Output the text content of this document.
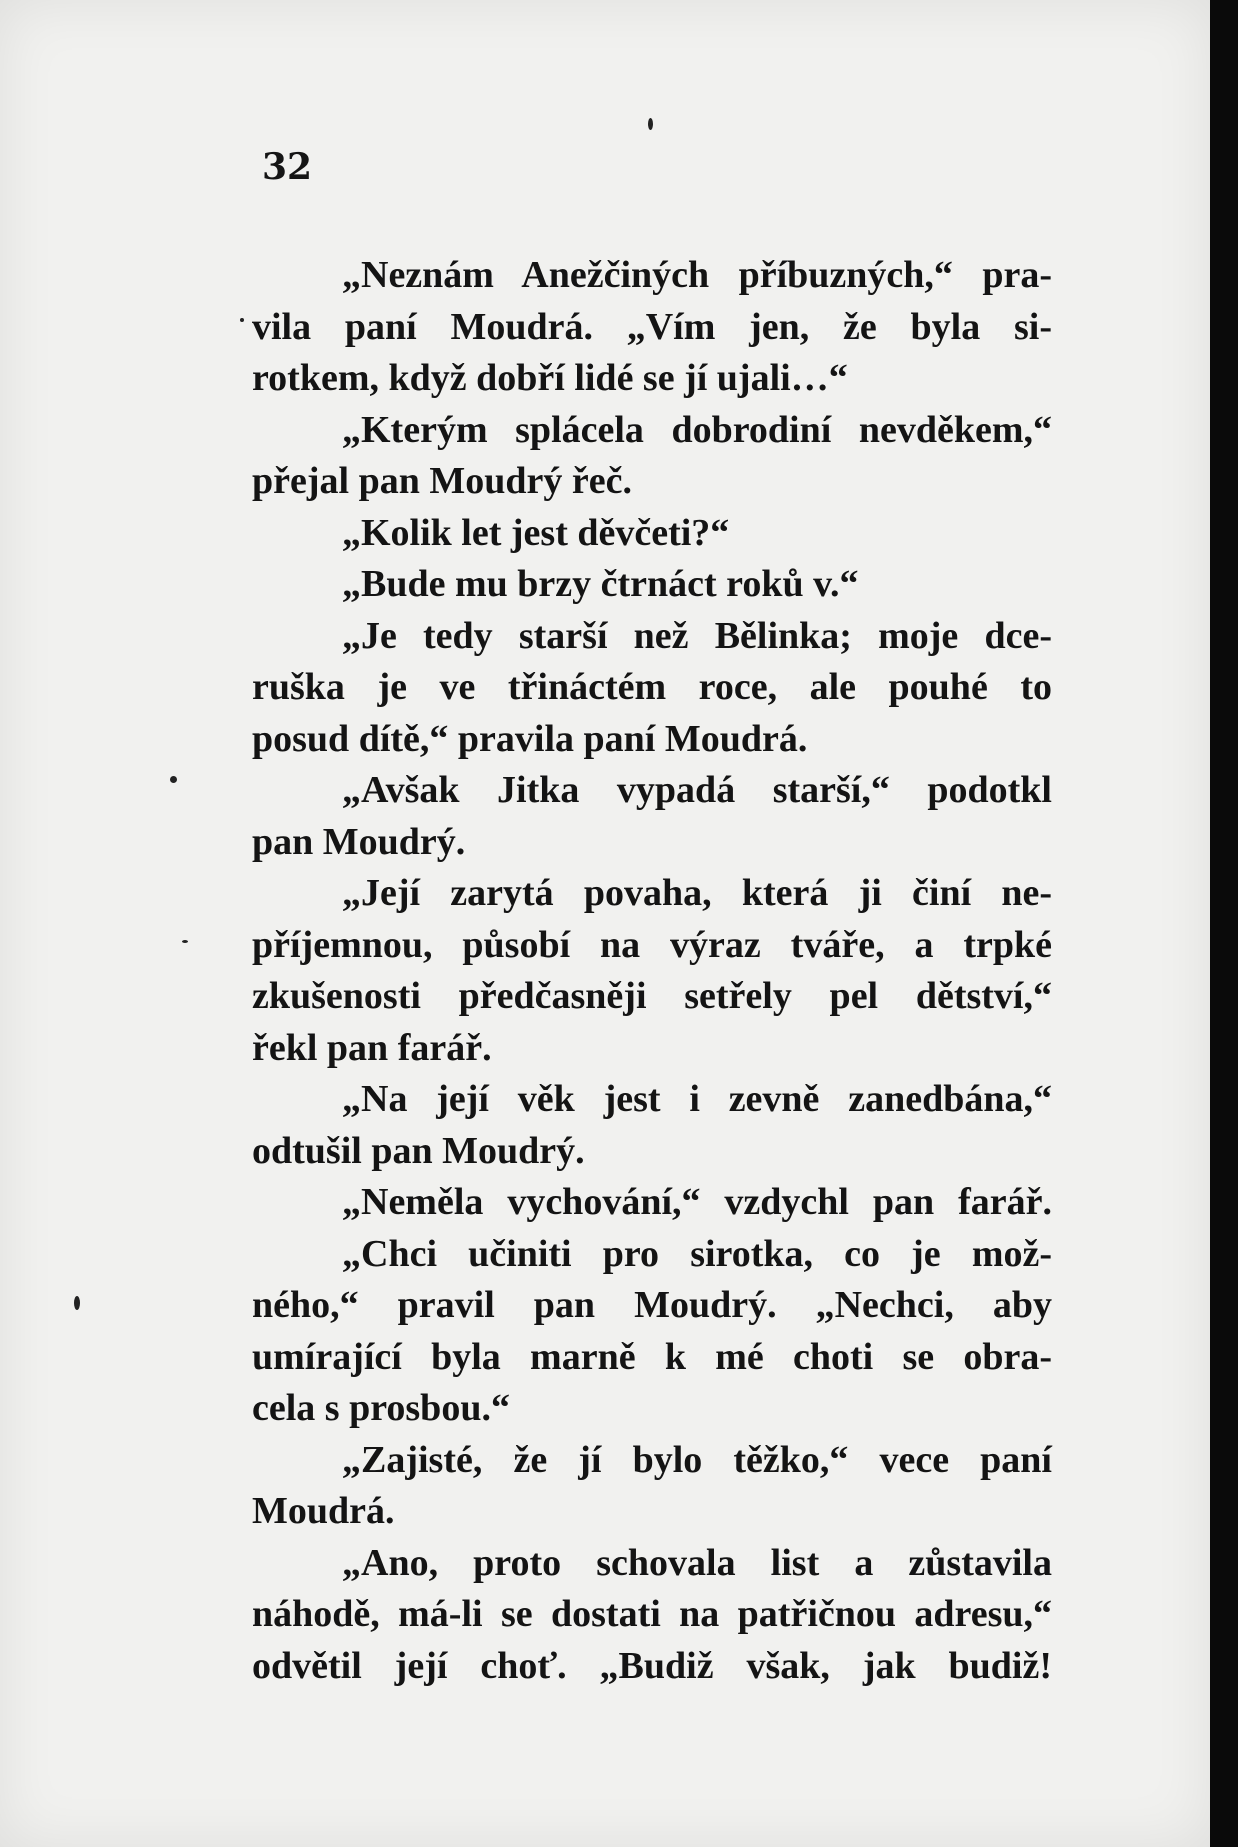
32

„Neznám Anežčiných příbuzných,“ pra-
vila paní Moudrá. „Vím jen, že byla si-
rotkem, když dobří lidé se jí ujali…“
„Kterým splácela dobrodiní nevděkem,“
přejal pan Moudrý řeč.
„Kolik let jest děvčeti?“
„Bude mu brzy čtrnáct roků v.“
„Je tedy starší než Bělinka; moje dce-
ruška je ve třináctém roce, ale pouhé to
posud dítě,“ pravila paní Moudrá.
„Avšak Jitka vypadá starší,“ podotkl
pan Moudrý.
„Její zarytá povaha, která ji činí ne-
příjemnou, působí na výraz tváře, a trpké
zkušenosti předčasněji setřely pel dětství,“
řekl pan farář.
„Na její věk jest i zevně zanedbána,“
odtušil pan Moudrý.
„Neměla vychování,“ vzdychl pan farář.
„Chci učiniti pro sirotka, co je mož-
ného,“ pravil pan Moudrý. „Nechci, aby
umírající byla marně k mé choti se obra-
cela s prosbou.“
„Zajisté, že jí bylo těžko,“ vece paní
Moudrá.
„Ano, proto schovala list a zůstavila
náhodě, má-li se dostati na patřičnou adresu,“
odvětil její choť. „Budiž však, jak budiž!
